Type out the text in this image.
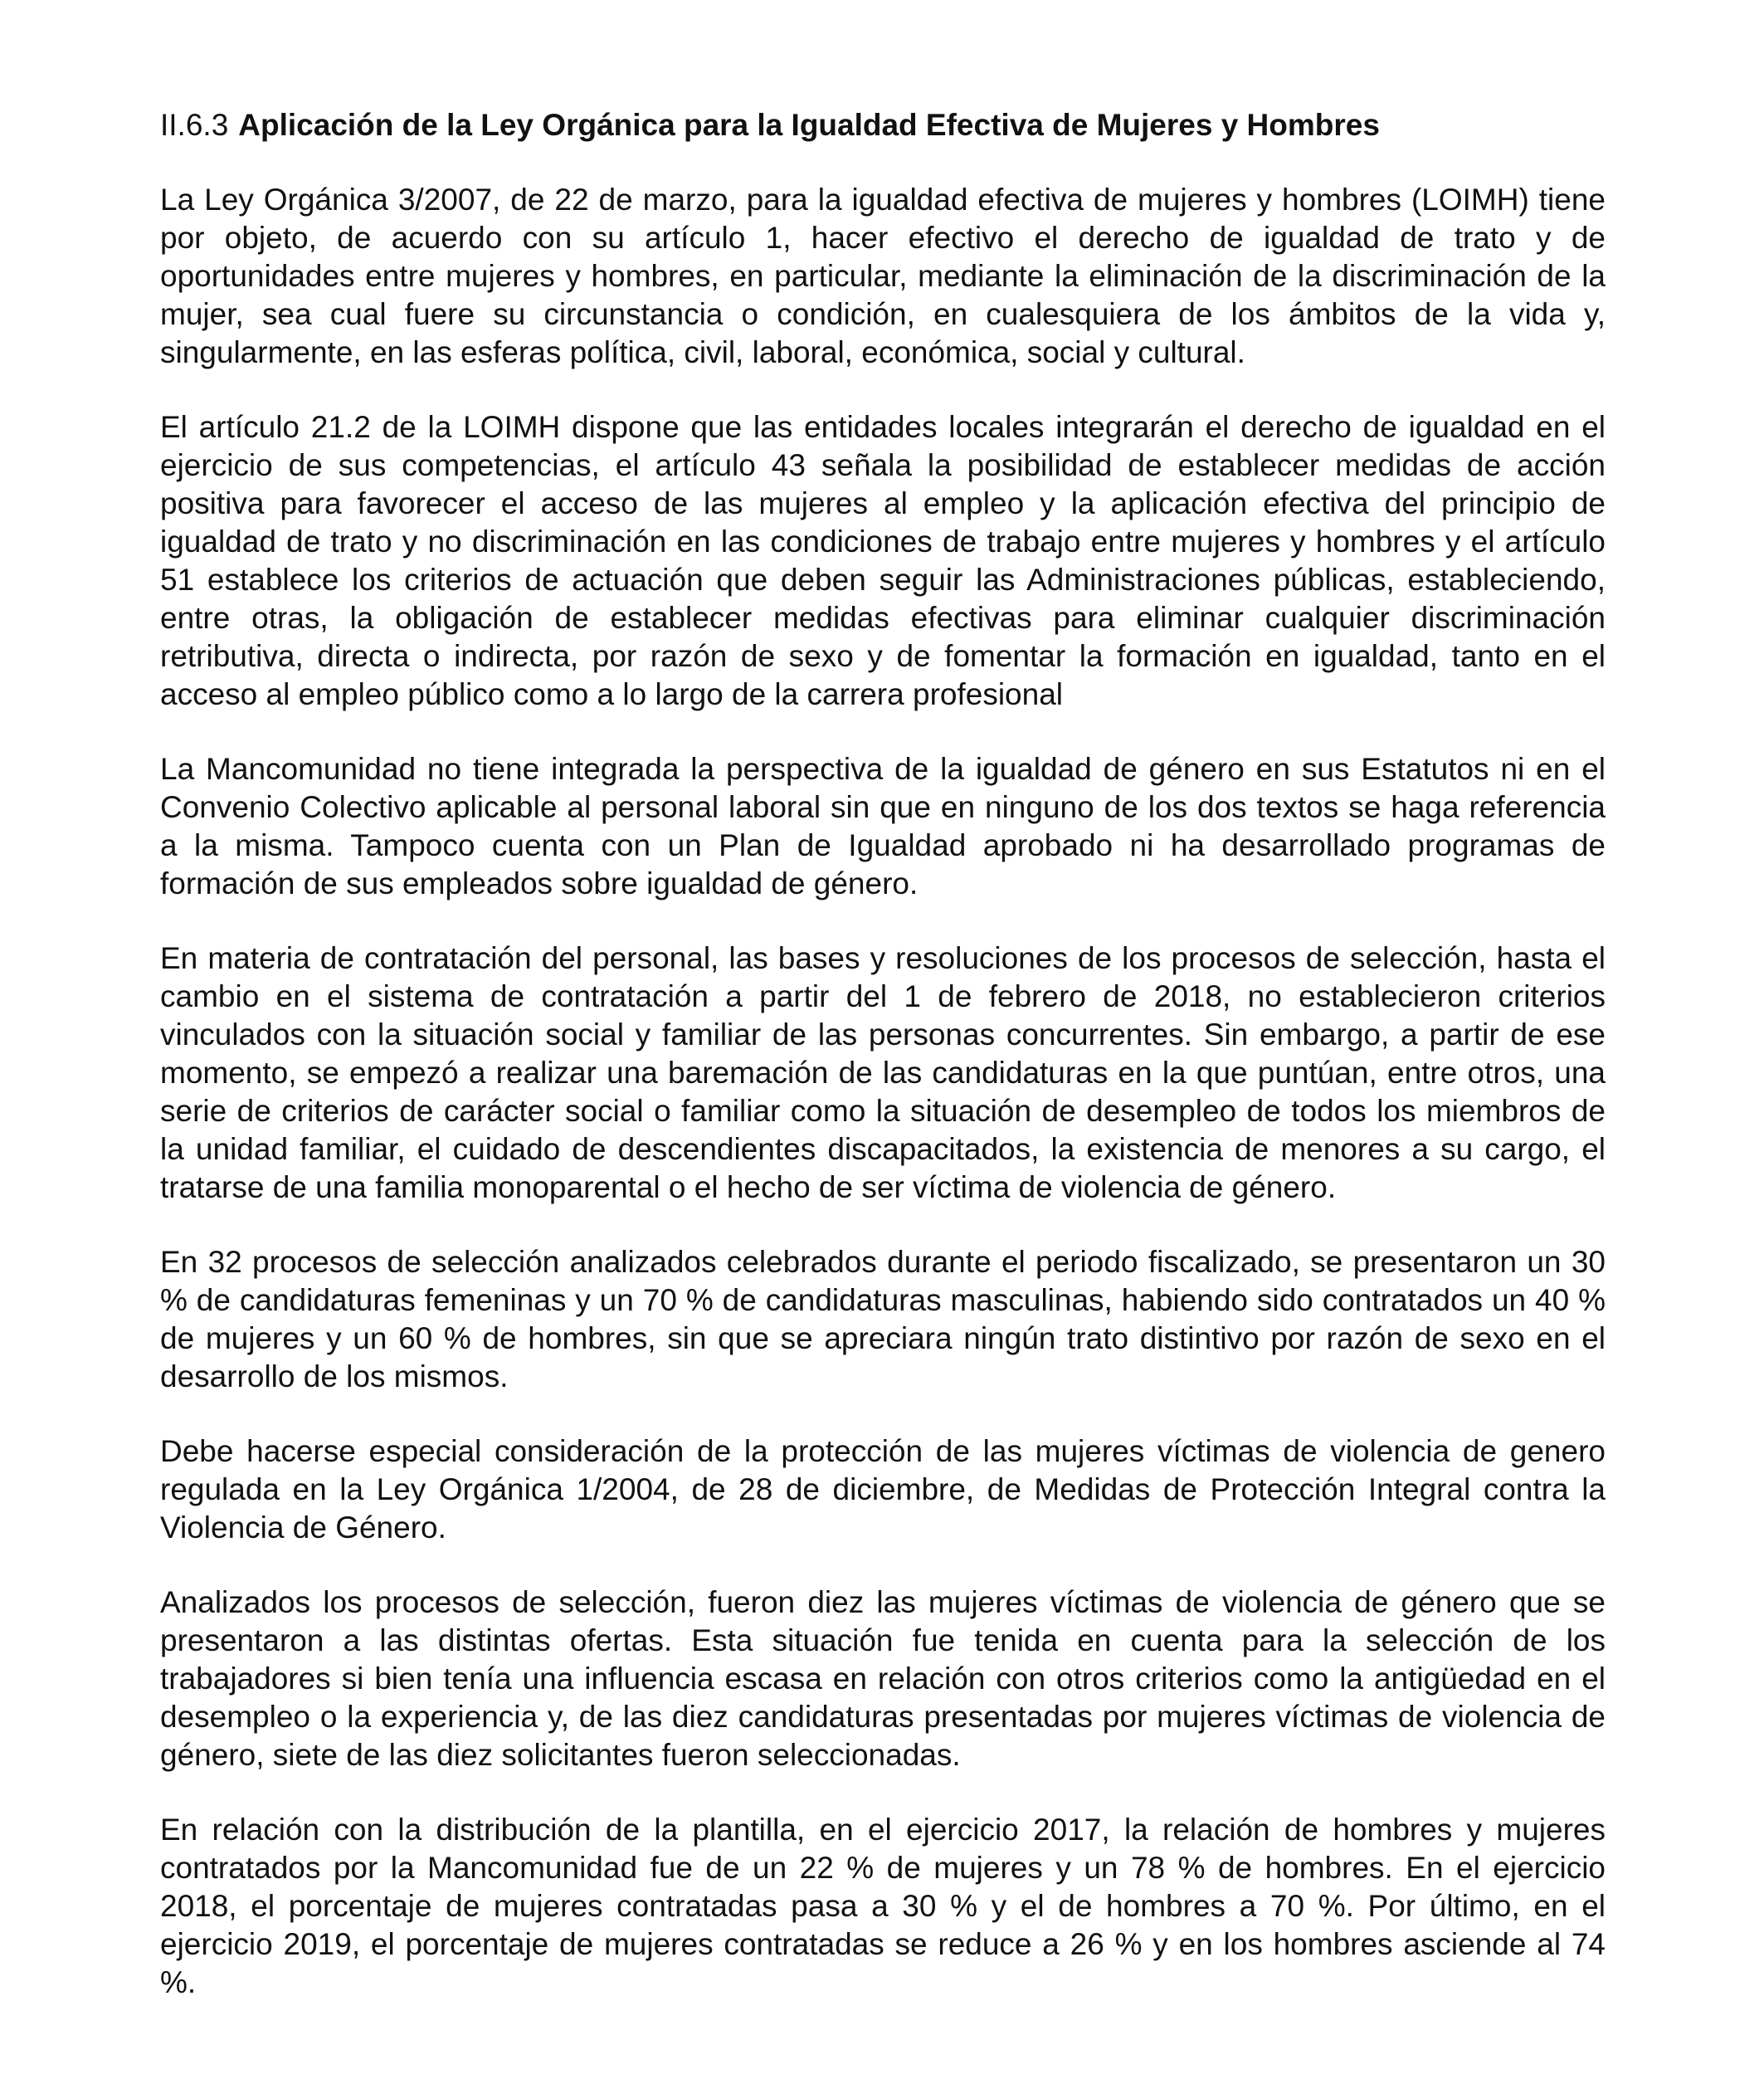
II.6.3 Aplicación de la Ley Orgánica para la Igualdad Efectiva de Mujeres y Hombres

La Ley Orgánica 3/2007, de 22 de marzo, para la igualdad efectiva de mujeres y hombres (LOIMH) tiene por objeto, de acuerdo con su artículo 1, hacer efectivo el derecho de igualdad de trato y de oportunidades entre mujeres y hombres, en particular, mediante la eliminación de la discriminación de la mujer, sea cual fuere su circunstancia o condición, en cualesquiera de los ámbitos de la vida y, singularmente, en las esferas política, civil, laboral, económica, social y cultural.

El artículo 21.2 de la LOIMH dispone que las entidades locales integrarán el derecho de igualdad en el ejercicio de sus competencias, el artículo 43 señala la posibilidad de establecer medidas de acción positiva para favorecer el acceso de las mujeres al empleo y la aplicación efectiva del principio de igualdad de trato y no discriminación en las condiciones de trabajo entre mujeres y hombres y el artículo 51 establece los criterios de actuación que deben seguir las Administraciones públicas, estableciendo, entre otras, la obligación de establecer medidas efectivas para eliminar cualquier discriminación retributiva, directa o indirecta, por razón de sexo y de fomentar la formación en igualdad, tanto en el acceso al empleo público como a lo largo de la carrera profesional

La Mancomunidad no tiene integrada la perspectiva de la igualdad de género en sus Estatutos ni en el Convenio Colectivo aplicable al personal laboral sin que en ninguno de los dos textos se haga referencia a la misma. Tampoco cuenta con un Plan de Igualdad aprobado ni ha desarrollado programas de formación de sus empleados sobre igualdad de género.

En materia de contratación del personal, las bases y resoluciones de los procesos de selección, hasta el cambio en el sistema de contratación a partir del 1 de febrero de 2018, no establecieron criterios vinculados con la situación social y familiar de las personas concurrentes. Sin embargo, a partir de ese momento, se empezó a realizar una baremación de las candidaturas en la que puntúan, entre otros, una serie de criterios de carácter social o familiar como la situación de desempleo de todos los miembros de la unidad familiar, el cuidado de descendientes discapacitados, la existencia de menores a su cargo, el tratarse de una familia monoparental o el hecho de ser víctima de violencia de género.

En 32 procesos de selección analizados celebrados durante el periodo fiscalizado, se presentaron un 30 % de candidaturas femeninas y un 70 % de candidaturas masculinas, habiendo sido contratados un 40 % de mujeres y un 60 % de hombres, sin que se apreciara ningún trato distintivo por razón de sexo en el desarrollo de los mismos.

Debe hacerse especial consideración de la protección de las mujeres víctimas de violencia de genero regulada en la Ley Orgánica 1/2004, de 28 de diciembre, de Medidas de Protección Integral contra la Violencia de Género.

Analizados los procesos de selección, fueron diez las mujeres víctimas de violencia de género que se presentaron a las distintas ofertas. Esta situación fue tenida en cuenta para la selección de los trabajadores si bien tenía una influencia escasa en relación con otros criterios como la antigüedad en el desempleo o la experiencia y, de las diez candidaturas presentadas por mujeres víctimas de violencia de género, siete de las diez solicitantes fueron seleccionadas.

En relación con la distribución de la plantilla, en el ejercicio 2017, la relación de hombres y mujeres contratados por la Mancomunidad fue de un 22 % de mujeres y un 78 % de hombres. En el ejercicio 2018, el porcentaje de mujeres contratadas pasa a 30 % y el de hombres a 70 %. Por último, en el ejercicio 2019, el porcentaje de mujeres contratadas se reduce a 26 % y en los hombres asciende al 74 %.
